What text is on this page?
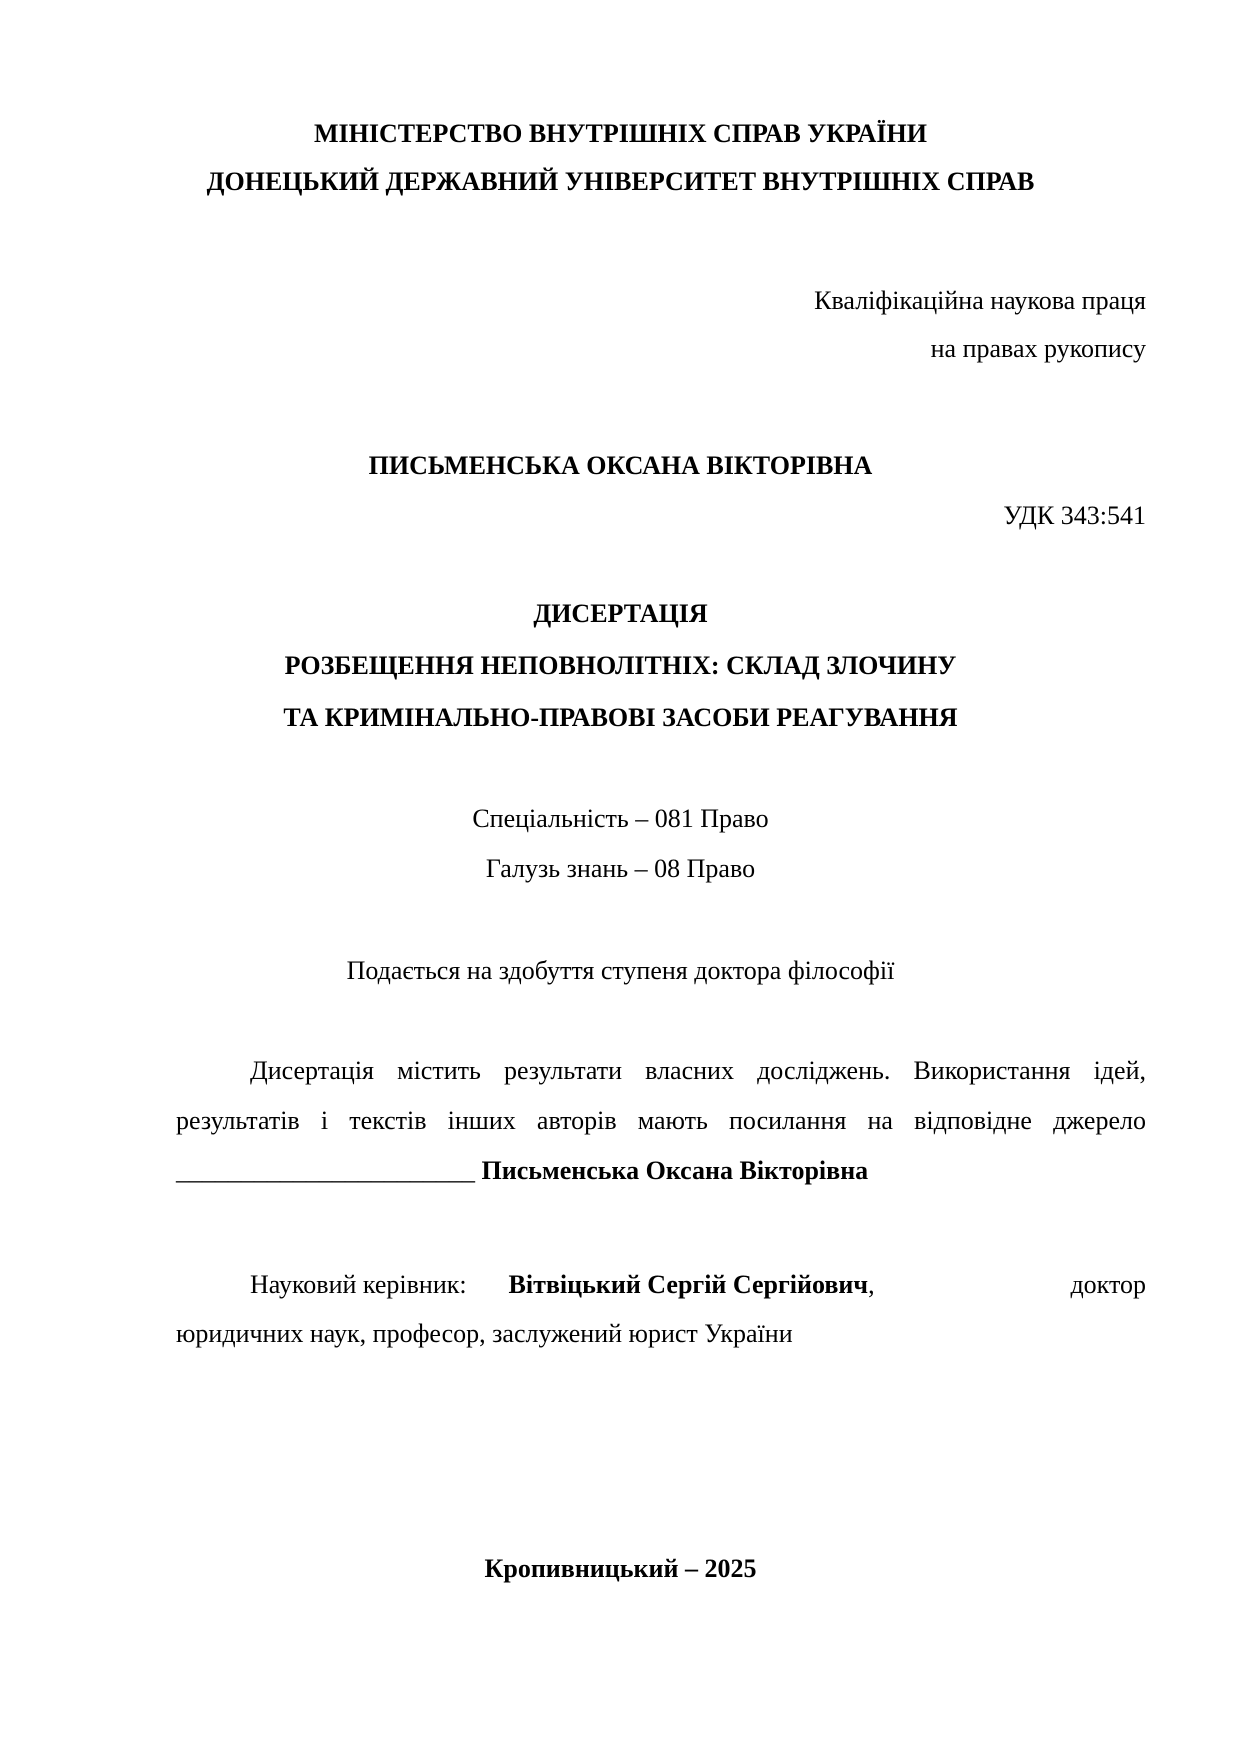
МІНІСТЕРСТВО ВНУТРІШНІХ СПРАВ УКРАЇНИ
ДОНЕЦЬКИЙ ДЕРЖАВНИЙ УНІВЕРСИТЕТ ВНУТРІШНІХ СПРАВ
Кваліфікаційна наукова праця
на правах рукопису
ПИСЬМЕНСЬКА ОКСАНА ВІКТОРІВНА
УДК 343:541
ДИСЕРТАЦІЯ
РОЗБЕЩЕННЯ НЕПОВНОЛІТНІХ: СКЛАД ЗЛОЧИНУ
ТА КРИМІНАЛЬНО-ПРАВОВІ ЗАСОБИ РЕАГУВАННЯ
Спеціальність – 081 Право
Галузь знань – 08 Право
Подається на здобуття ступеня доктора філософії
Дисертація містить результати власних досліджень. Використання ідей,
результатів і текстів інших авторів мають посилання на відповідне джерело
_______________________ Письменська Оксана Вікторівна
Науковий керівник: Вітвіцький Сергій Сергійович,	доктор
юридичних наук, професор, заслужений юрист України
Кропивницький – 2025
